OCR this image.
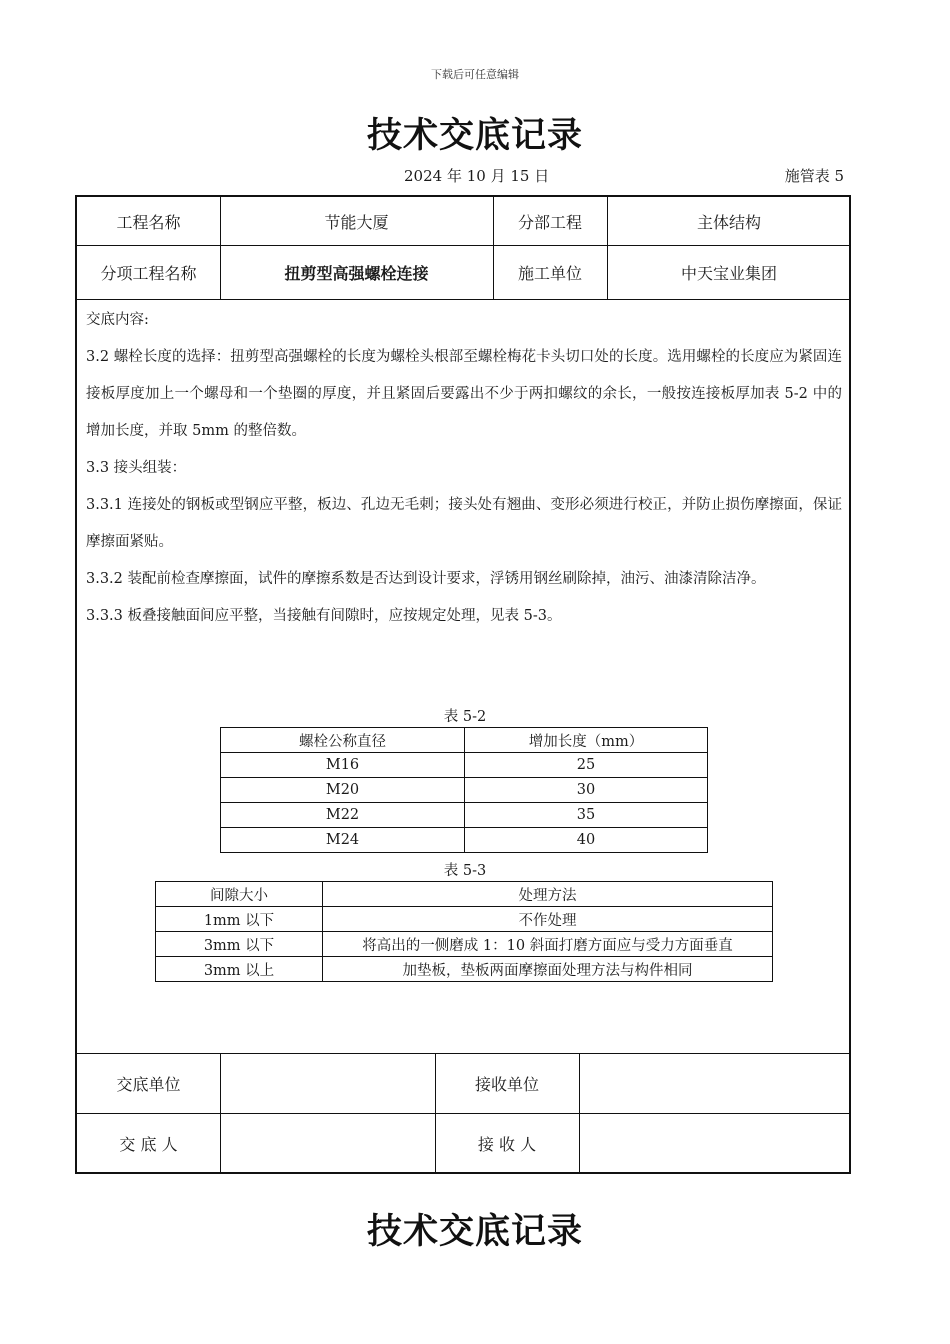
下载后可任意编辑
技术交底记录
2024 年 10 月 15 日	施管表 5
工程名称	节能大厦	分部工程	主体结构
分项工程名称	扭剪型高强螺栓连接	施工单位	中天宝业集团

交底内容:

3.2 螺栓长度的选择：扭剪型高强螺栓的长度为螺栓头根部至螺栓梅花卡头切口处的长度。选用螺栓的长度应为紧固连接板厚度加上一个螺母和一个垫圈的厚度，并且紧固后要露出不少于两扣螺纹的余长，一般按连接板厚加表 5-2 中的增加长度，并取 5mm 的整倍数。

3.3 接头组装：

3.3.1 连接处的钢板或型钢应平整，板边、孔边无毛刺；接头处有翘曲、变形必须进行校正，并防止损伤摩擦面，保证摩擦面紧贴。

3.3.2 装配前检查摩擦面，试件的摩擦系数是否达到设计要求，浮锈用钢丝刷除掉，油污、油漆清除洁净。

3.3.3 板叠接触面间应平整，当接触有间隙时，应按规定处理，见表 5-3。

表 5-2
螺栓公称直径	增加长度（mm）
M16	25
M20	30
M22	35
M24	40
表 5-3
间隙大小	处理方法
1mm 以下	不作处理
3mm 以下	将高出的一侧磨成 1：10 斜面打磨方面应与受力方面垂直
3mm 以上	加垫板，垫板两面摩擦面处理方法与构件相同
交底单位	接收单位
交 底 人	接 收 人
技术交底记录
